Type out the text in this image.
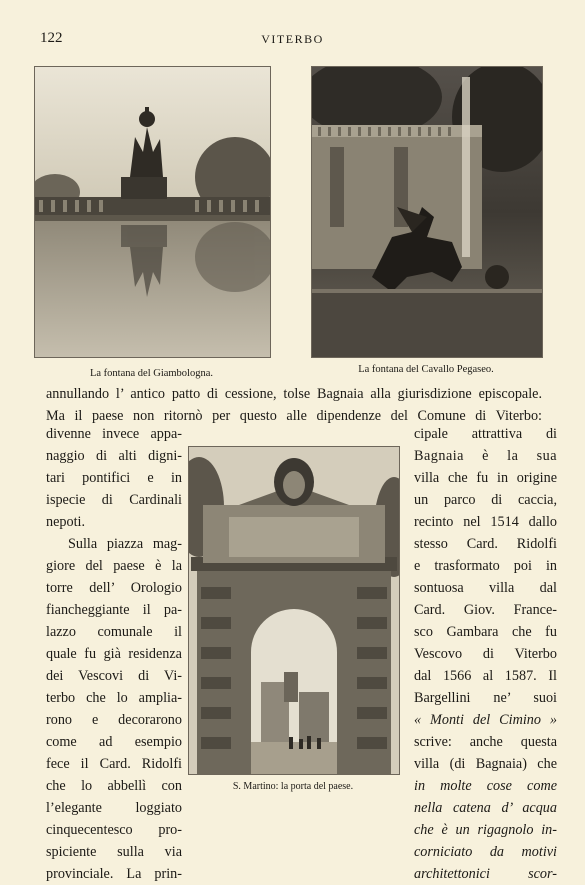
122	VITERBO
La fontana del Giambologna.	La fontana del Cavallo Pegaseo.
annullando l’ antico patto di cessione, tolse Bagnaia alla giurisdizione episcopale.
Ma il paese non ritornò per questo alle dipendenze del Comune di Viterbo:
divenne invece appa-
naggio di alti digni-
tari pontifici e in
ispecie di Cardinali
nepoti.
Sulla piazza mag-
giore del paese è la
torre dell’ Orologio
fiancheggiante il pa-
lazzo comunale il
quale fu già residenza
dei Vescovi di Vi-
terbo che lo amplia-
rono e decorarono
come ad esempio
fece il Card. Ridolfi
che lo abbellì con
l’elegante loggiato
cinquecentesco pro-
spiciente sulla via
provinciale. La prin-
S. Martino: la porta del paese.
cipale attrattiva di
Bagnaia è la sua
villa che fu in origine
un parco di caccia,
recinto nel 1514 dallo
stesso Card. Ridolfi
e trasformato poi in
sontuosa villa dal
Card. Giov. France-
sco Gambara che fu
Vescovo di Viterbo
dal 1566 al 1587. Il
Bargellini ne’ suoi
« Monti del Cimino »
scrive: anche questa
villa (di Bagnaia) che
in molte cose come
nella catena d’ acqua
che è un rigagnolo in-
corniciato da motivi
architettonici scor-
